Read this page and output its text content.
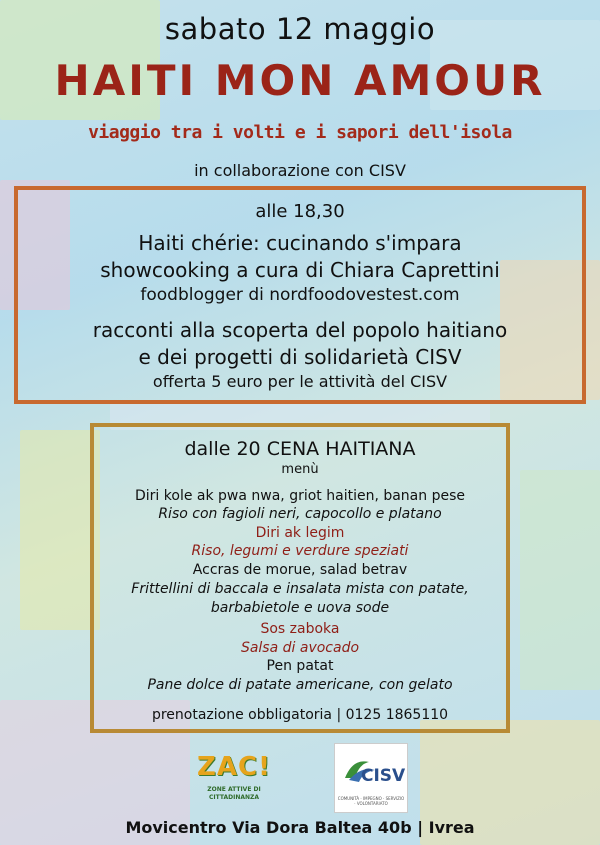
sabato 12 maggio
HAITI MON AMOUR
viaggio tra i volti e i sapori dell'isola
in collaborazione con CISV
alle 18,30
Haiti chérie: cucinando s'impara
showcooking a cura di Chiara Caprettini
foodblogger di nordfoodovestest.com
racconti alla scoperta del popolo haitiano
e dei progetti di solidarietà CISV
offerta 5 euro per le attività del CISV
dalle 20 CENA HAITIANA
menù
Diri kole ak pwa nwa, griot haitien, banan pese
Riso con fagioli neri, capocollo e platano
Diri ak legim
Riso, legumi e verdure speziati
Accras de morue, salad betrav
Frittellini di baccala e insalata mista con patate,
barbabietole e uova sode
Sos zaboka
Salsa di avocado
Pen patat
Pane dolce di patate americane, con gelato
prenotazione obbligatoria | 0125 1865110
ZAC!
ZONE ATTIVE DI CITTADINANZA
CISV
COMUNITÀ · IMPEGNO · SERVIZIO · VOLONTARIATO
Movicentro Via Dora Baltea 40b | Ivrea
